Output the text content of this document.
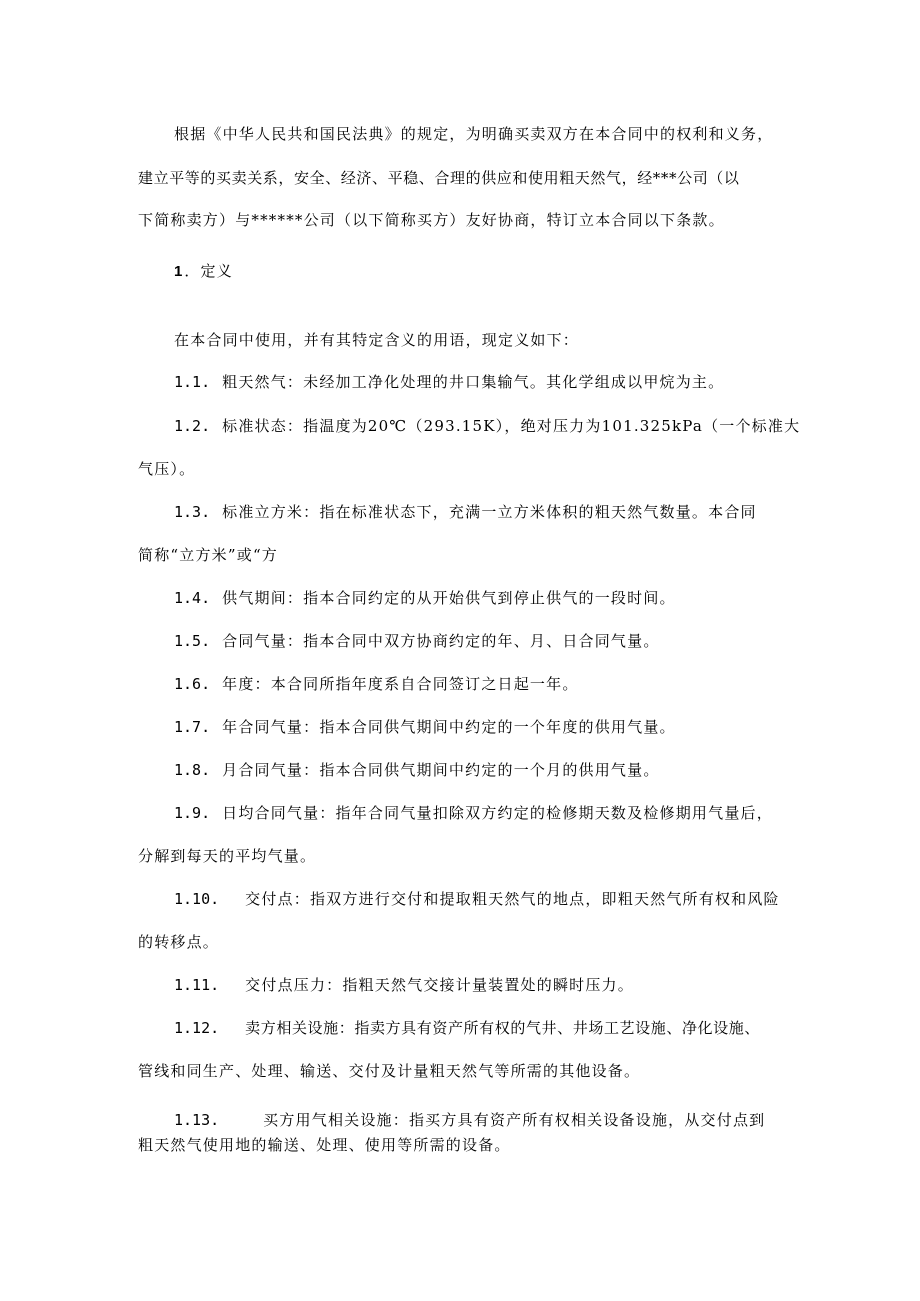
根据《中华人民共和国民法典》的规定，为明确买卖双方在本合同中的权利和义务，
建立平等的买卖关系，安全、经济、平稳、合理的供应和使用粗天然气，经***公司（以
下简称卖方）与******公司（以下简称买方）友好协商，特订立本合同以下条款。
1 ．定义
在本合同中使用，并有其特定含义的用语，现定义如下：
1.1. 粗天然气：未经加工净化处理的井口集输气。其化学组成以甲烷为主。
1.2. 标准状态：指温度为20℃（293.15K），绝对压力为101.325kPa（一个标准大
气压）。
1.3. 标准立方米：指在标准状态下，充满一立方米体积的粗天然气数量。本合同
简称“立方米”或“方
1.4. 供气期间：指本合同约定的从开始供气到停止供气的一段时间。
1.5. 合同气量：指本合同中双方协商约定的年、月、日合同气量。
1.6. 年度：本合同所指年度系自合同签订之日起一年。
1.7. 年合同气量：指本合同供气期间中约定的一个年度的供用气量。
1.8. 月合同气量：指本合同供气期间中约定的一个月的供用气量。
1.9. 日均合同气量：指年合同气量扣除双方约定的检修期天数及检修期用气量后，
分解到每天的平均气量。
1.10. 交付点：指双方进行交付和提取粗天然气的地点，即粗天然气所有权和风险
的转移点。
1.11. 交付点压力：指粗天然气交接计量装置处的瞬时压力。
1.12. 卖方相关设施：指卖方具有资产所有权的气井、井场工艺设施、净化设施、
管线和同生产、处理、输送、交付及计量粗天然气等所需的其他设备。
1.13.	买方用气相关设施：指买方具有资产所有权相关设备设施，从交付点到
粗天然气使用地的输送、处理、使用等所需的设备。
